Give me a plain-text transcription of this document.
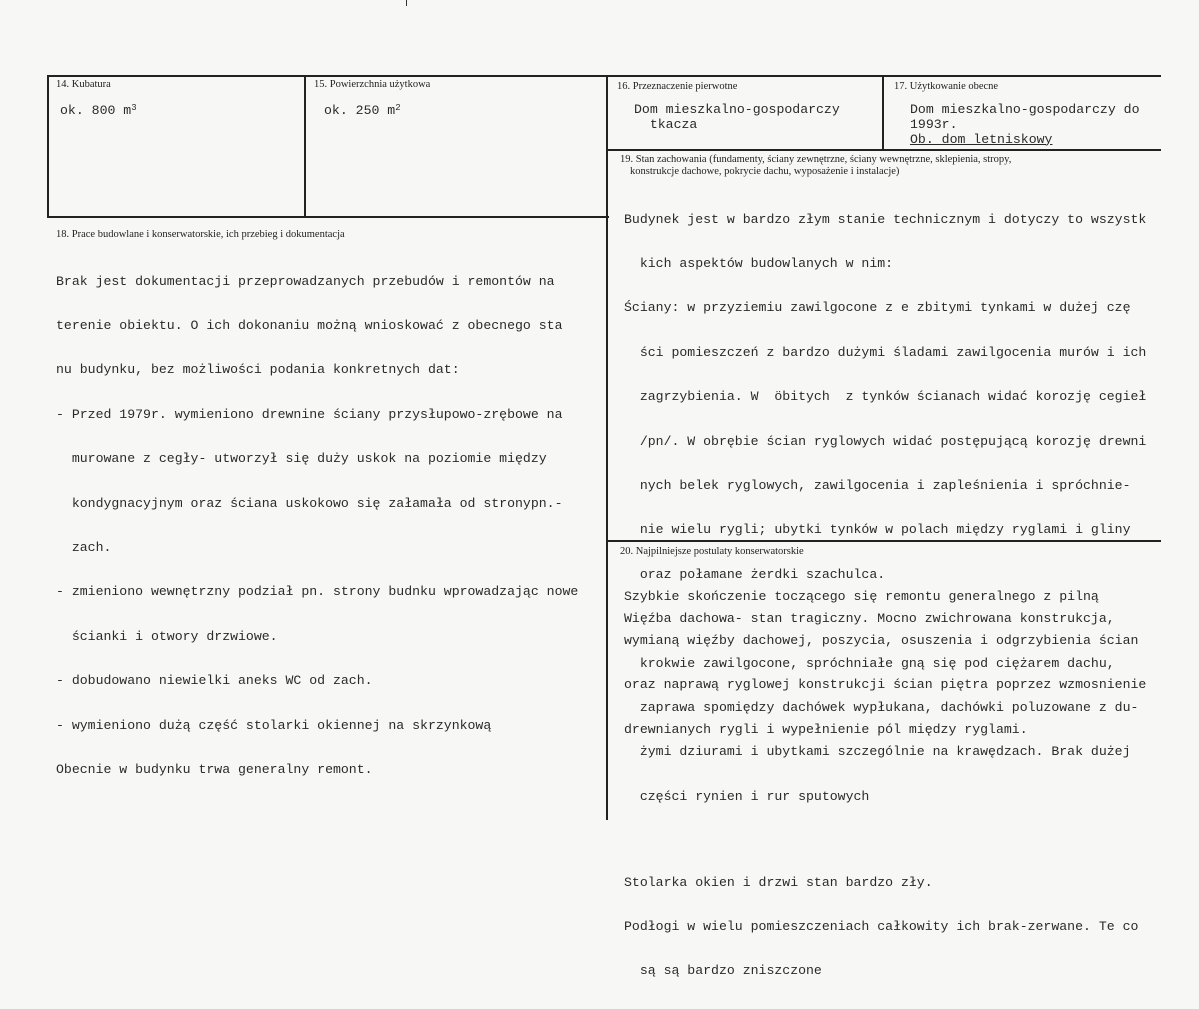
14. Kubatura
ok. 800 $m^3$
15. Powierzchnia użytkowa
ok. 250 $m^2$
16. Przeznaczenie pierwotne
Dom mieszkalno-gospodarczy
tkacza
17. Użytkowanie obecne
Dom mieszkalno-gospodarczy do
1993r.
Ob. dom letniskowy
19. Stan zachowania (fundamenty, ściany zewnętrzne, ściany wewnętrzne, sklepienia, stropy,
konstrukcje dachowe, pokrycie dachu, wyposażenie i instalacje)

Budynek jest w bardzo złym stanie technicznym i dotyczy to wszystk

kich aspektów budowlanych w nim:

Ściany: w przyziemiu zawilgocone z e zbitymi tynkami w dużej czę

ści pomieszczeń z bardzo dużymi śladami zawilgocenia murów i ich

zagrzybienia. W  öbitych  z tynków ścianach widać korozję cegieł

/pn/. W obrębie ścian ryglowych widać postępującą korozję drewni

nych belek ryglowych, zawilgocenia i zapleśnienia i spróchnie-

nie wielu rygli; ubytki tynków w polach między ryglami i gliny

oraz połamane żerdki szachulca.

Więźba dachowa- stan tragiczny. Mocno zwichrowana konstrukcja,

krokwie zawilgocone, spróchniałe gną się pod ciężarem dachu,

zaprawa spomiędzy dachówek wypłukana, dachówki poluzowane z du-

żymi dziurami i ubytkami szczególnie na krawędzach. Brak dużej

części rynien i rur sputowych

Stolarka okien i drzwi stan bardzo zły.

Podłogi w wielu pomieszczeniach całkowity ich brak-zerwane. Te co

są są bardzo zniszczone

18. Prace budowlane i konserwatorskie, ich przebieg i dokumentacja

Brak jest dokumentacji przeprowadzanych przebudów i remontów na

terenie obiektu. O ich dokonaniu możną wnioskować z obecnego sta

nu budynku, bez możliwości podania konkretnych dat:

- Przed 1979r. wymieniono drewnine ściany przysłupowo-zrębowe na

murowane z cegły- utworzył się duży uskok na poziomie między

kondygnacyjnym oraz ściana uskokowo się załamała od stronypn.-

zach.

- zmieniono wewnętrzny podział pn. strony budnku wprowadzając nowe

ścianki i otwory drzwiowe.

- dobudowano niewielki aneks WC od zach.

- wymieniono dużą część stolarki okiennej na skrzynkową

Obecnie w budynku trwa generalny remont.

20. Najpilniejsze postulaty konserwatorskie

Szybkie skończenie toczącego się remontu generalnego z pilną

wymianą więźby dachowej, poszycia, osuszenia i odgrzybienia ścian

oraz naprawą ryglowej konstrukcji ścian piętra poprzez wzmosnienie

drewnianych rygli i wypełnienie pól między ryglami.
